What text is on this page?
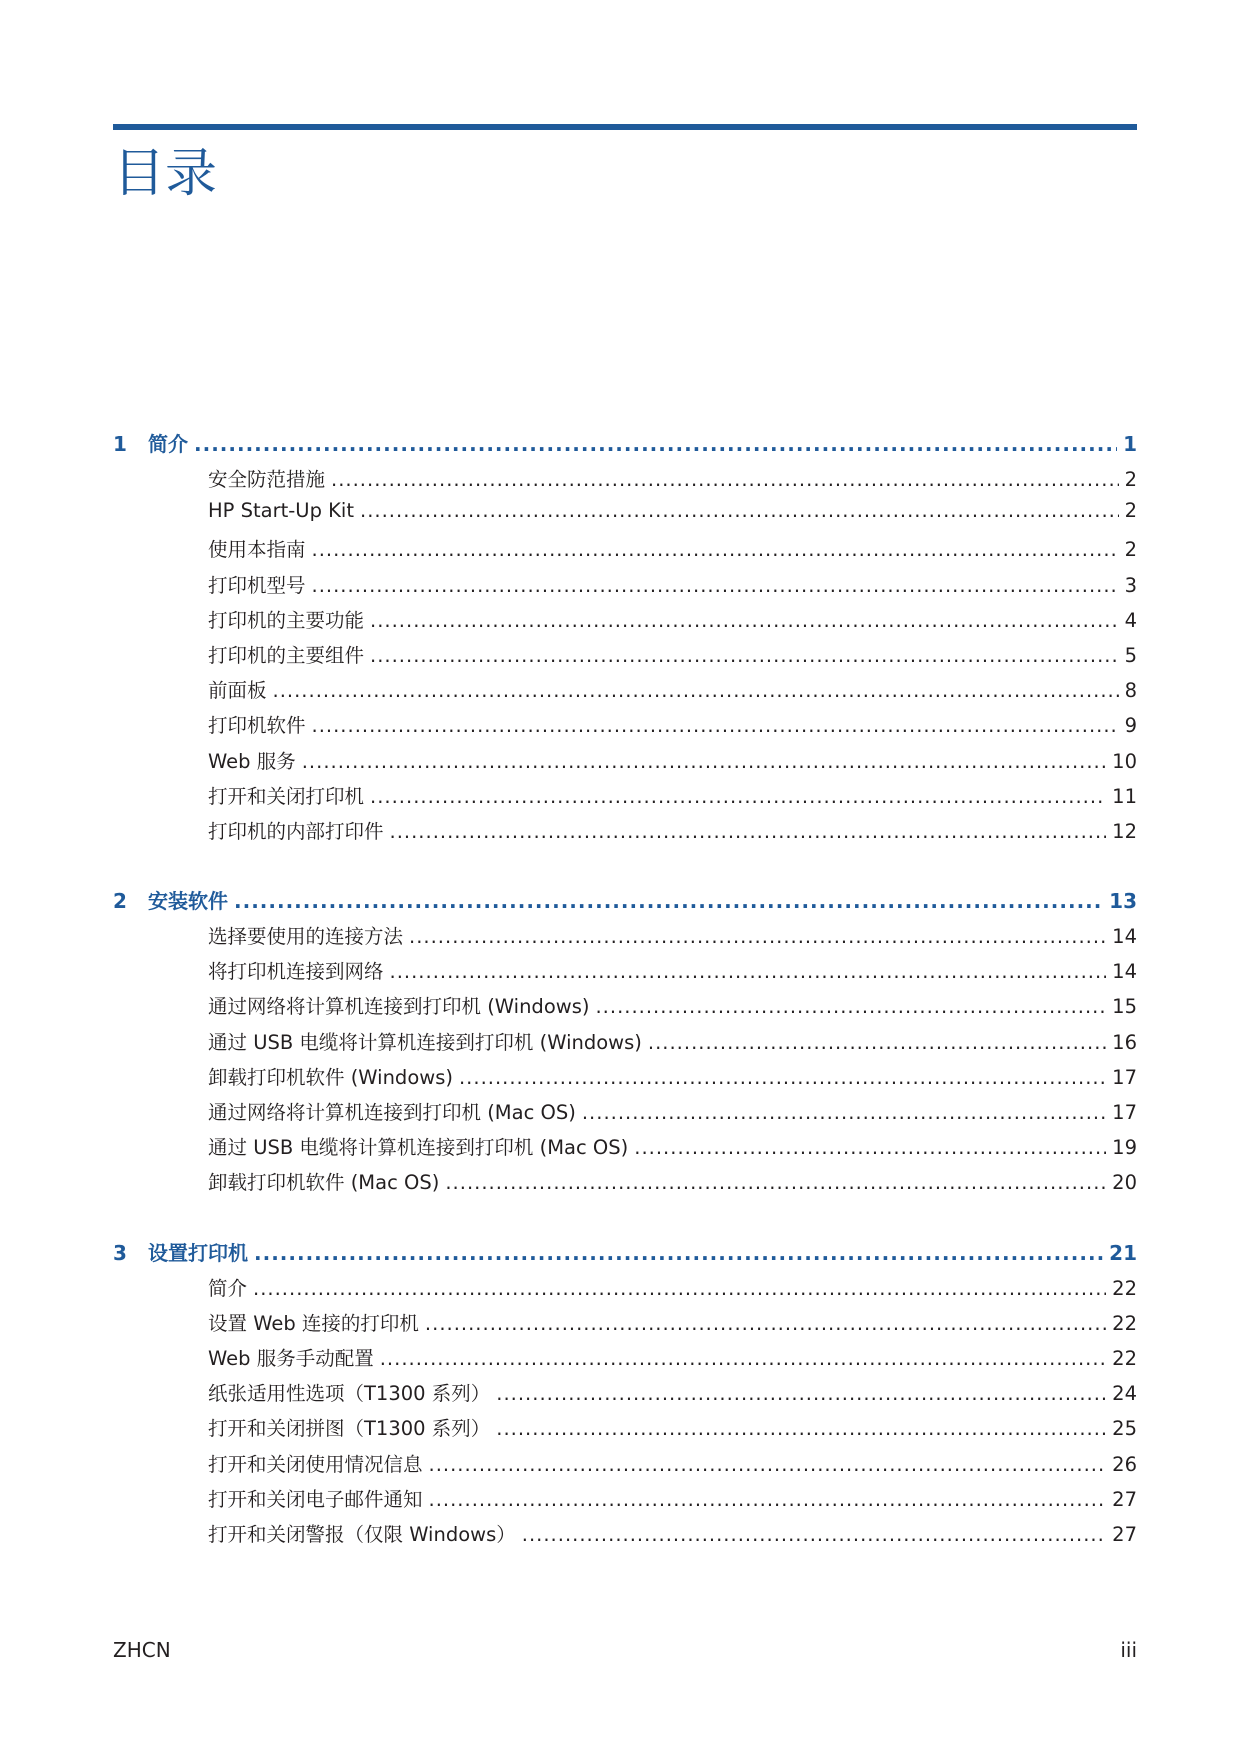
目录
1	简介 .....	1
安全防范措施 .....	2
HP Start-Up Kit .....	2
使用本指南 .....	2
打印机型号 .....	3
打印机的主要功能 .....	4
打印机的主要组件 .....	5
前面板 .....	8
打印机软件 .....	9
Web 服务 .....	10
打开和关闭打印机 .....	11
打印机的内部打印件 .....	12
2	安装软件 .....	13
选择要使用的连接方法 .....	14
将打印机连接到网络 .....	14
通过网络将计算机连接到打印机 (Windows) .....	15
通过 USB 电缆将计算机连接到打印机 (Windows) .....	16
卸载打印机软件 (Windows) .....	17
通过网络将计算机连接到打印机 (Mac OS) .....	17
通过 USB 电缆将计算机连接到打印机 (Mac OS) .....	19
卸载打印机软件 (Mac OS) .....	20
3	设置打印机 .....	21
简介 .....	22
设置 Web 连接的打印机 .....	22
Web 服务手动配置 .....	22
纸张适用性选项（T1300 系列） .....	24
打开和关闭拼图（T1300 系列） .....	25
打开和关闭使用情况信息 .....	26
打开和关闭电子邮件通知 .....	27
打开和关闭警报（仅限 Windows） .....	27
ZHCN	iii
